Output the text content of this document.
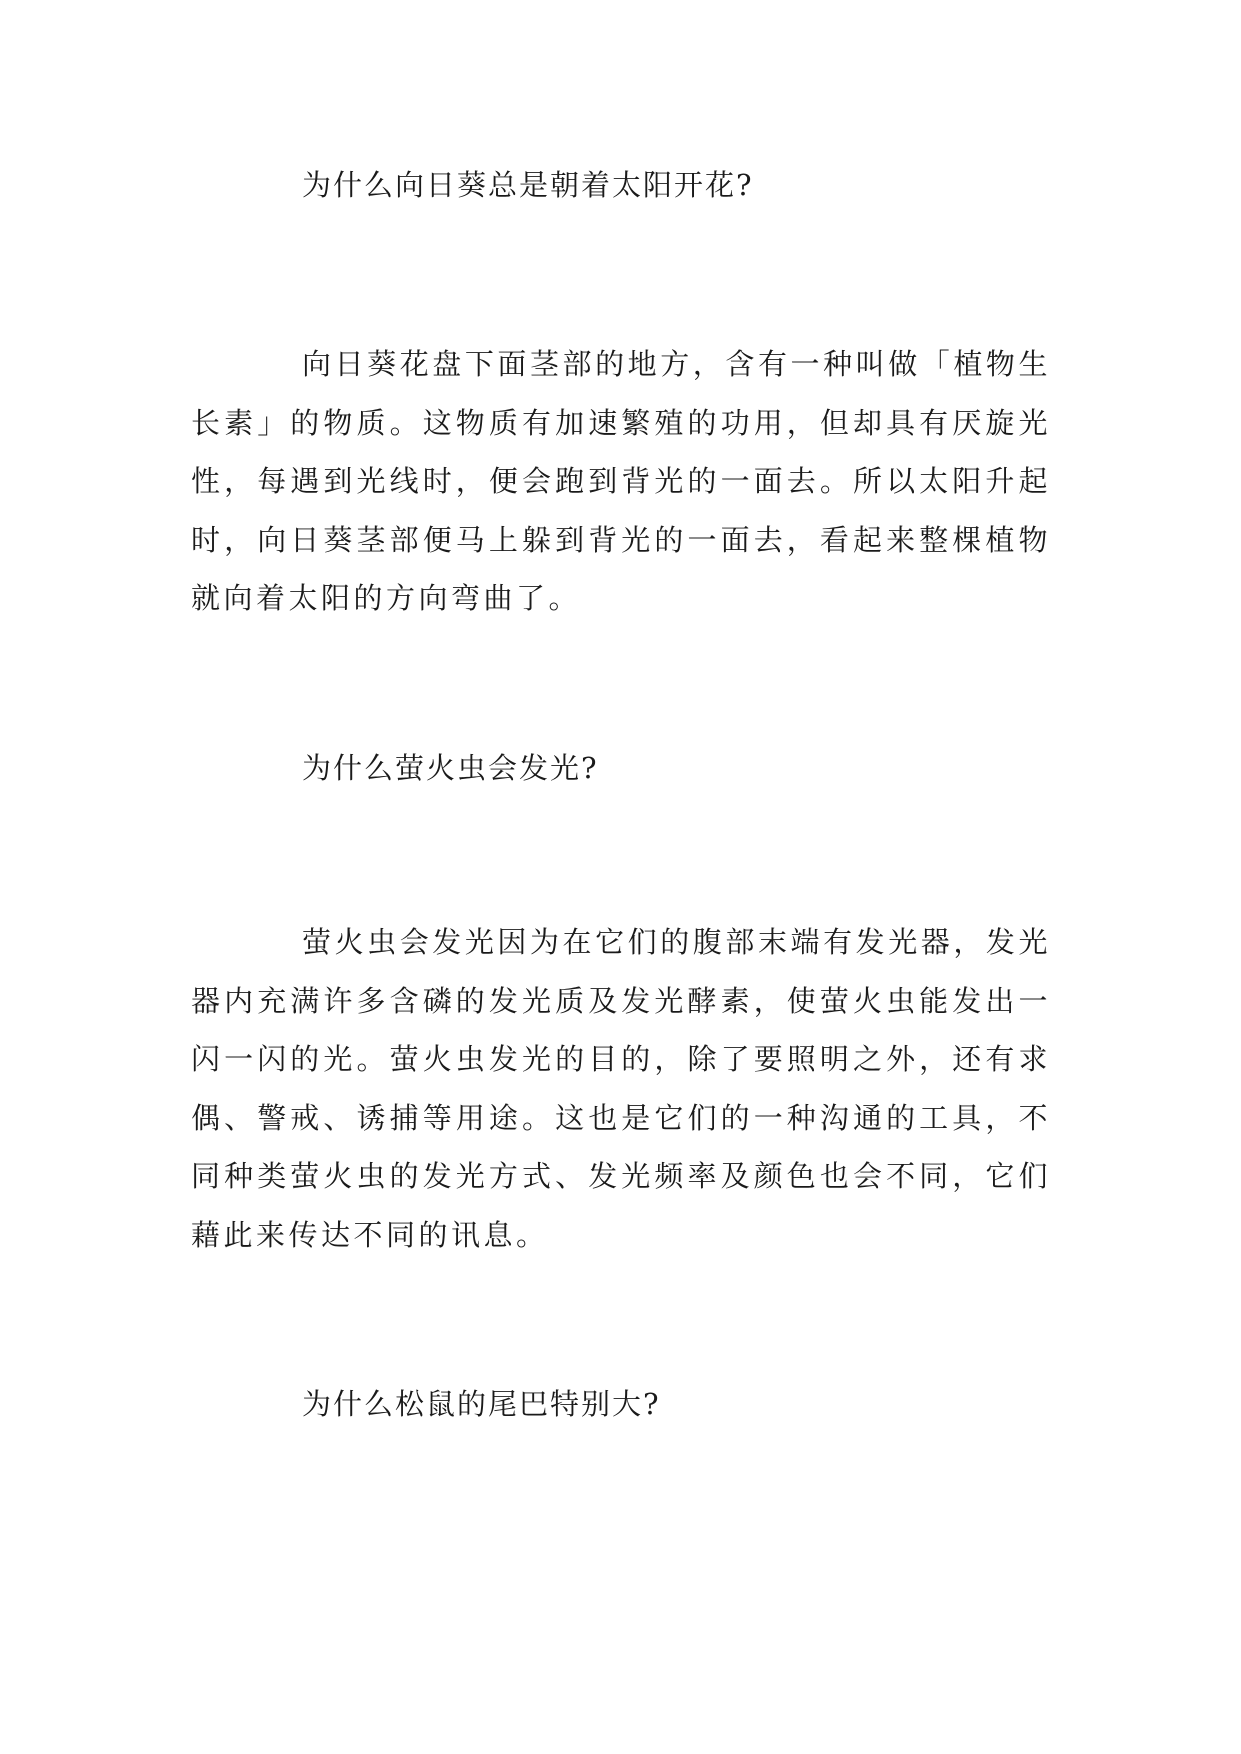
为什么向日葵总是朝着太阳开花?

向日葵花盘下面茎部的地方，含有一种叫做「植物生长素」的物质。这物质有加速繁殖的功用，但却具有厌旋光性，每遇到光线时，便会跑到背光的一面去。所以太阳升起时，向日葵茎部便马上躲到背光的一面去，看起来整棵植物就向着太阳的方向弯曲了。

为什么萤火虫会发光?

萤火虫会发光因为在它们的腹部末端有发光器，发光器内充满许多含磷的发光质及发光酵素，使萤火虫能发出一闪一闪的光。萤火虫发光的目的，除了要照明之外，还有求偶、警戒、诱捕等用途。这也是它们的一种沟通的工具，不同种类萤火虫的发光方式、发光频率及颜色也会不同，它们藉此来传达不同的讯息。

为什么松鼠的尾巴特别大?
